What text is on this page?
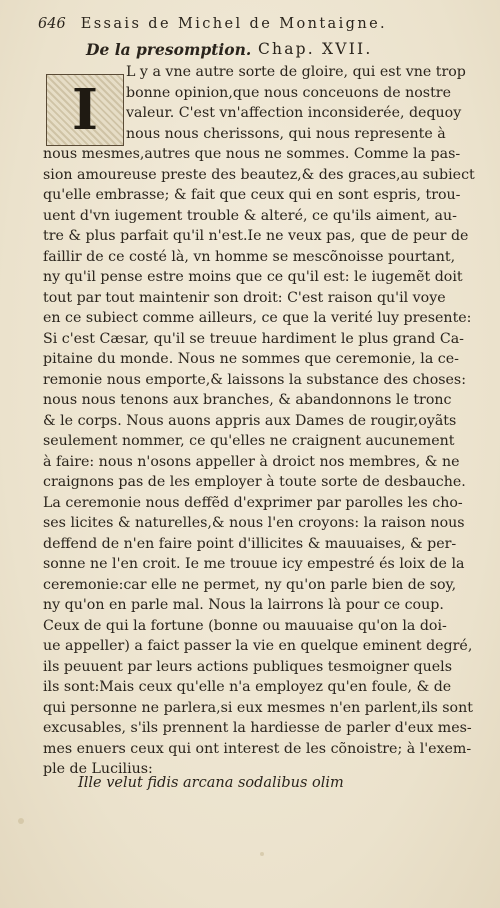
646 Essais de Michel de Montaigne.
De la presomption. Chap. XVII.
I
L y a vne autre sorte de gloire, qui est vne trop
bonne opinion,que nous conceuons de nostre
valeur. C'est vn'affection inconsiderée, dequoy
nous nous cherissons, qui nous represente à
nous mesmes,autres que nous ne sommes. Comme la pas-
sion amoureuse preste des beautez,& des graces,au subiect
qu'elle embrasse; & fait que ceux qui en sont espris, trou-
uent d'vn iugement trouble & alteré, ce qu'ils aiment, au-
tre & plus parfait qu'il n'est.Ie ne veux pas, que de peur de
faillir de ce costé là, vn homme se mescõnoisse pourtant,
ny qu'il pense estre moins que ce qu'il est: le iugemẽt doit
tout par tout maintenir son droit: C'est raison qu'il voye
en ce subiect comme ailleurs, ce que la verité luy presente:
Si c'est Cæsar, qu'il se treuue hardiment le plus grand Ca-
pitaine du monde. Nous ne sommes que ceremonie, la ce-
remonie nous emporte,& laissons la substance des choses:
nous nous tenons aux branches, & abandonnons le tronc
& le corps. Nous auons appris aux Dames de rougir,oyãts
seulement nommer, ce qu'elles ne craignent aucunement
à faire: nous n'osons appeller à droict nos membres, & ne
craignons pas de les employer à toute sorte de desbauche.
La ceremonie nous deffẽd d'exprimer par parolles les cho-
ses licites & naturelles,& nous l'en croyons: la raison nous
deffend de n'en faire point d'illicites & mauuaises, & per-
sonne ne l'en croit. Ie me trouue icy empestré és loix de la
ceremonie:car elle ne permet, ny qu'on parle bien de soy,
ny qu'on en parle mal. Nous la lairrons là pour ce coup.
Ceux de qui la fortune (bonne ou mauuaise qu'on la doi-
ue appeller) a faict passer la vie en quelque eminent degré,
ils peuuent par leurs actions publiques tesmoigner quels
ils sont:Mais ceux qu'elle n'a employez qu'en foule, & de
qui personne ne parlera,si eux mesmes n'en parlent,ils sont
excusables, s'ils prennent la hardiesse de parler d'eux mes-
mes enuers ceux qui ont interest de les cõnoistre; à l'exem-
ple de Lucilius:
Ille velut fidis arcana sodalibus olim
